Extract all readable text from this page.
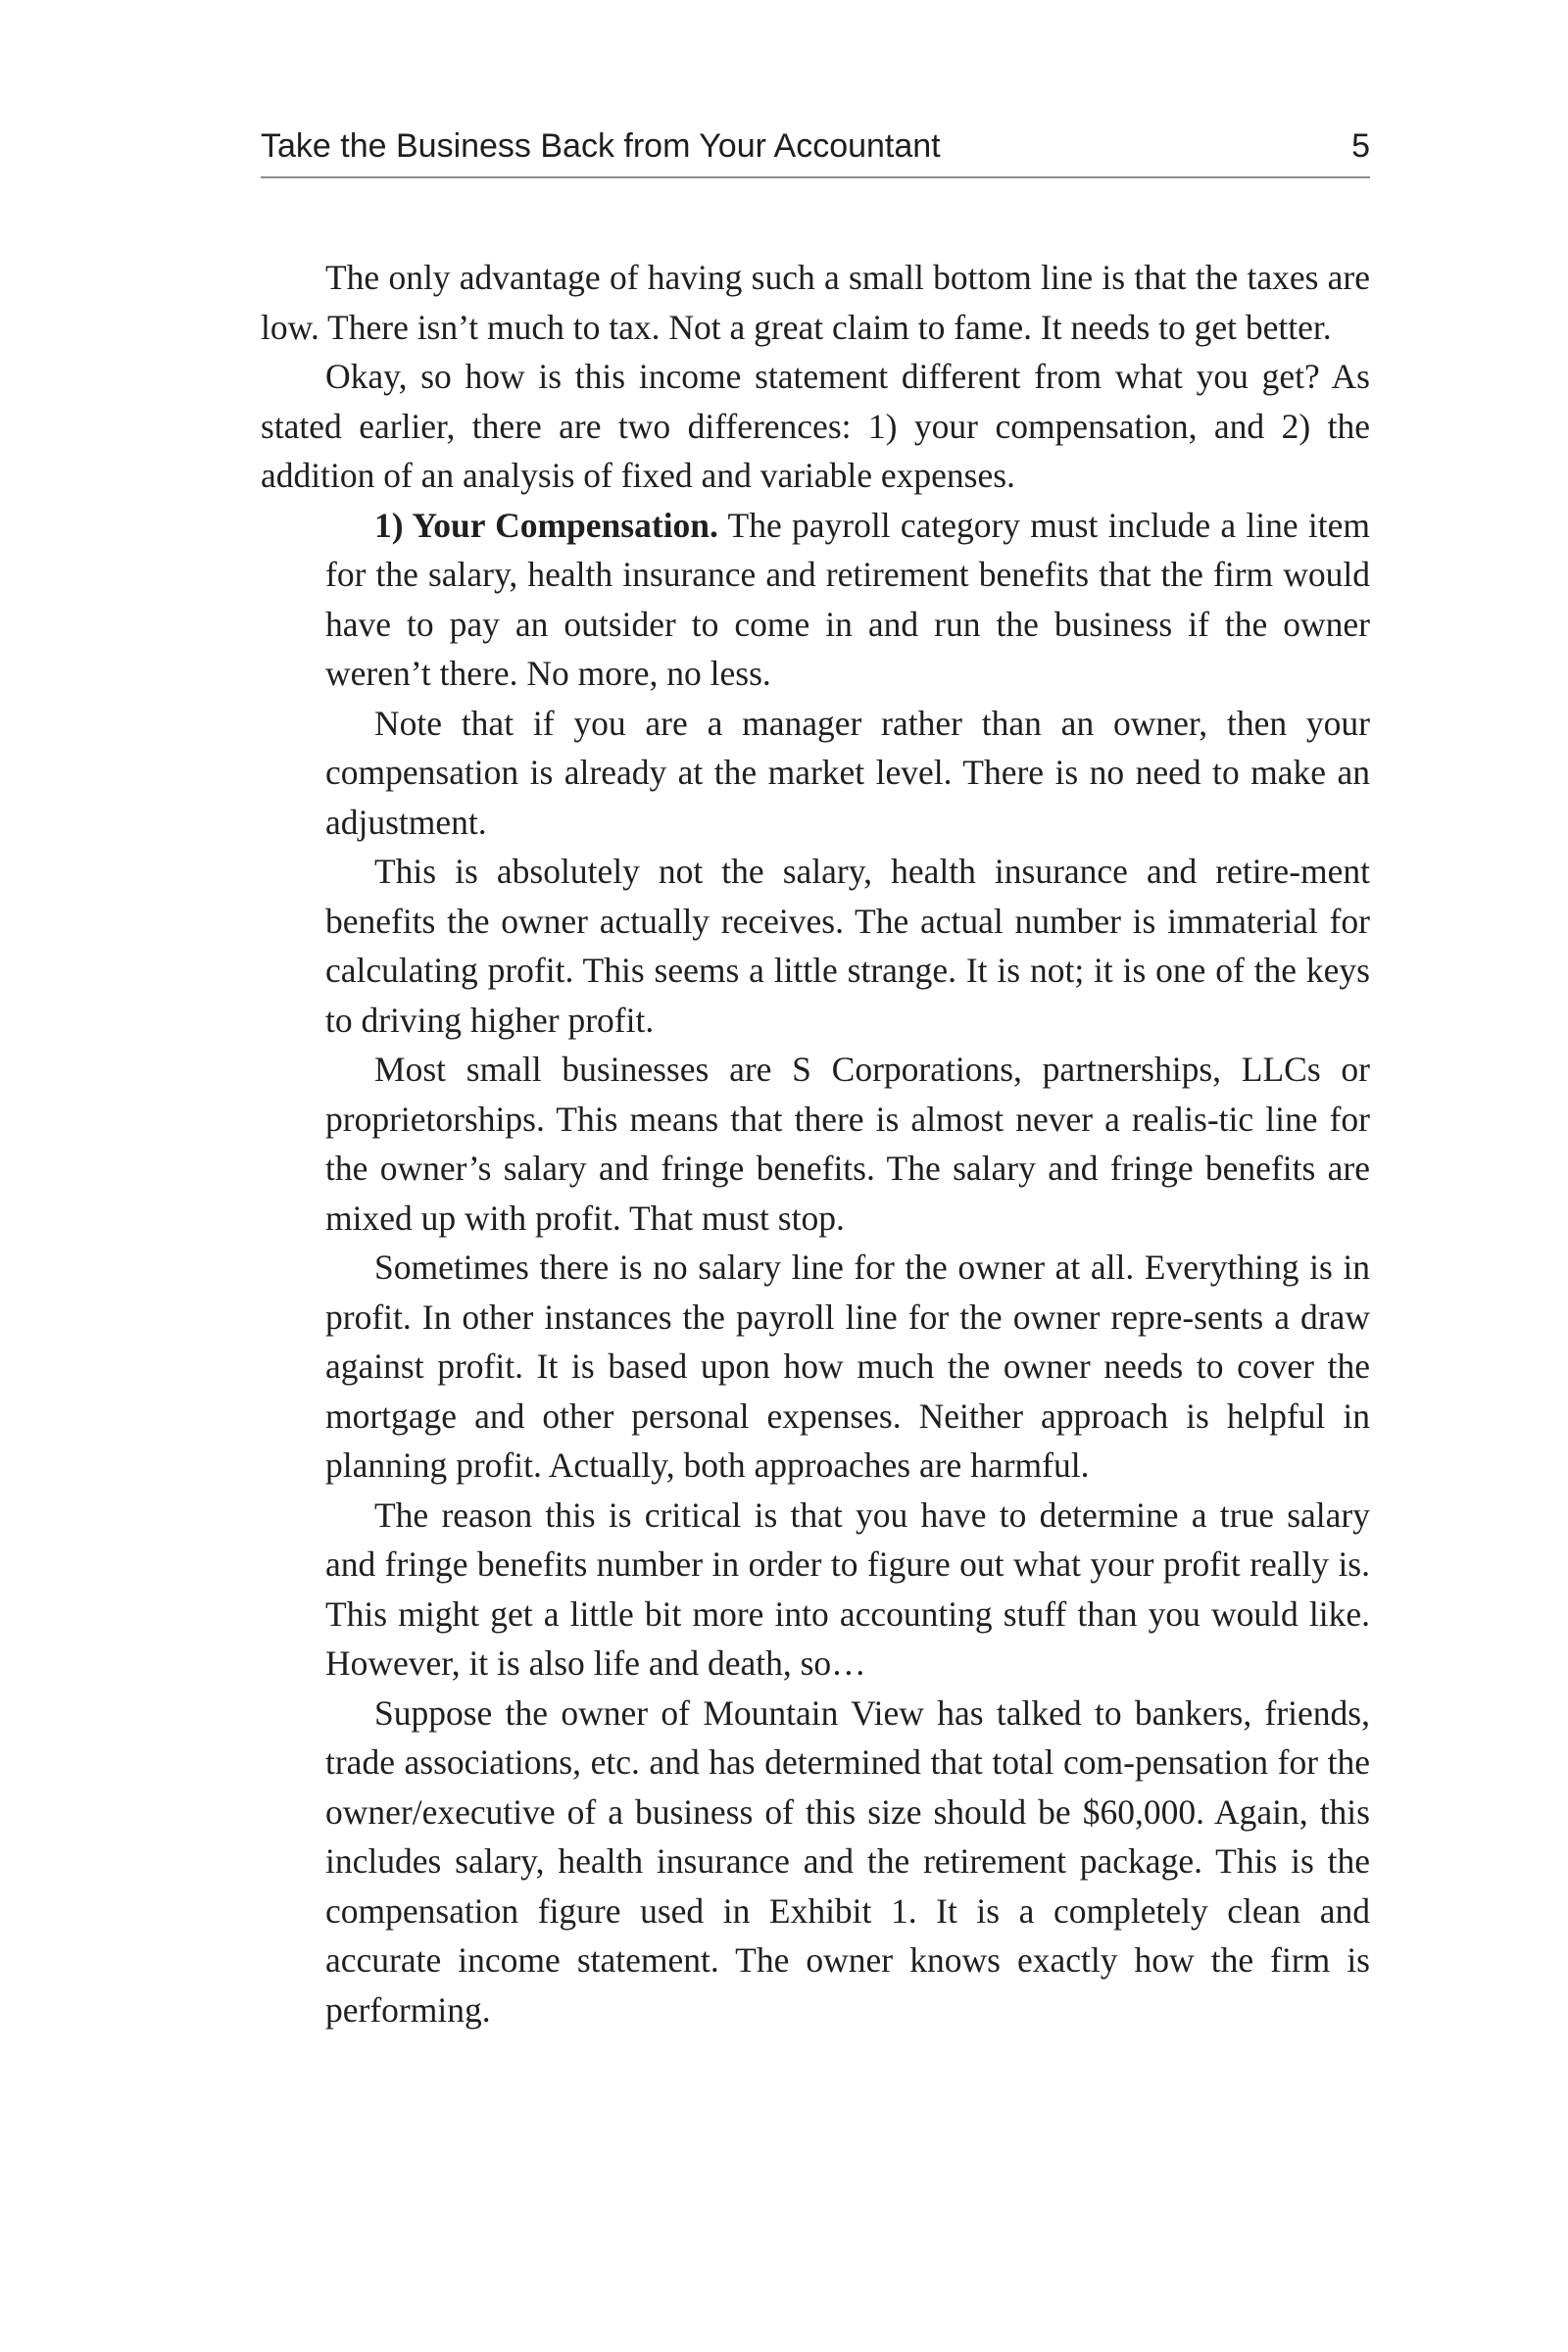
Take the Business Back from Your Accountant	5

The only advantage of having such a small bottom line is that the taxes are low. There isn’t much to tax. Not a great claim to fame. It needs to get better.

Okay, so how is this income statement different from what you get? As stated earlier, there are two differences: 1) your compensation, and 2) the addition of an analysis of fixed and variable expenses.

1) Your Compensation. The payroll category must include a line item for the salary, health insurance and retirement benefits that the firm would have to pay an outsider to come in and run the business if the owner weren’t there. No more, no less.

Note that if you are a manager rather than an owner, then your compensation is already at the market level. There is no need to make an adjustment.

This is absolutely not the salary, health insurance and retire-ment benefits the owner actually receives. The actual number is immaterial for calculating profit. This seems a little strange. It is not; it is one of the keys to driving higher profit.

Most small businesses are S Corporations, partnerships, LLCs or proprietorships. This means that there is almost never a realis-tic line for the owner’s salary and fringe benefits. The salary and fringe benefits are mixed up with profit. That must stop.

Sometimes there is no salary line for the owner at all. Everything is in profit. In other instances the payroll line for the owner repre-sents a draw against profit. It is based upon how much the owner needs to cover the mortgage and other personal expenses. Neither approach is helpful in planning profit. Actually, both approaches are harmful.

The reason this is critical is that you have to determine a true salary and fringe benefits number in order to figure out what your profit really is. This might get a little bit more into accounting stuff than you would like. However, it is also life and death, so…

Suppose the owner of Mountain View has talked to bankers, friends, trade associations, etc. and has determined that total com-pensation for the owner/executive of a business of this size should be $60,000. Again, this includes salary, health insurance and the retirement package. This is the compensation figure used in Exhibit 1. It is a completely clean and accurate income statement. The owner knows exactly how the firm is performing.
